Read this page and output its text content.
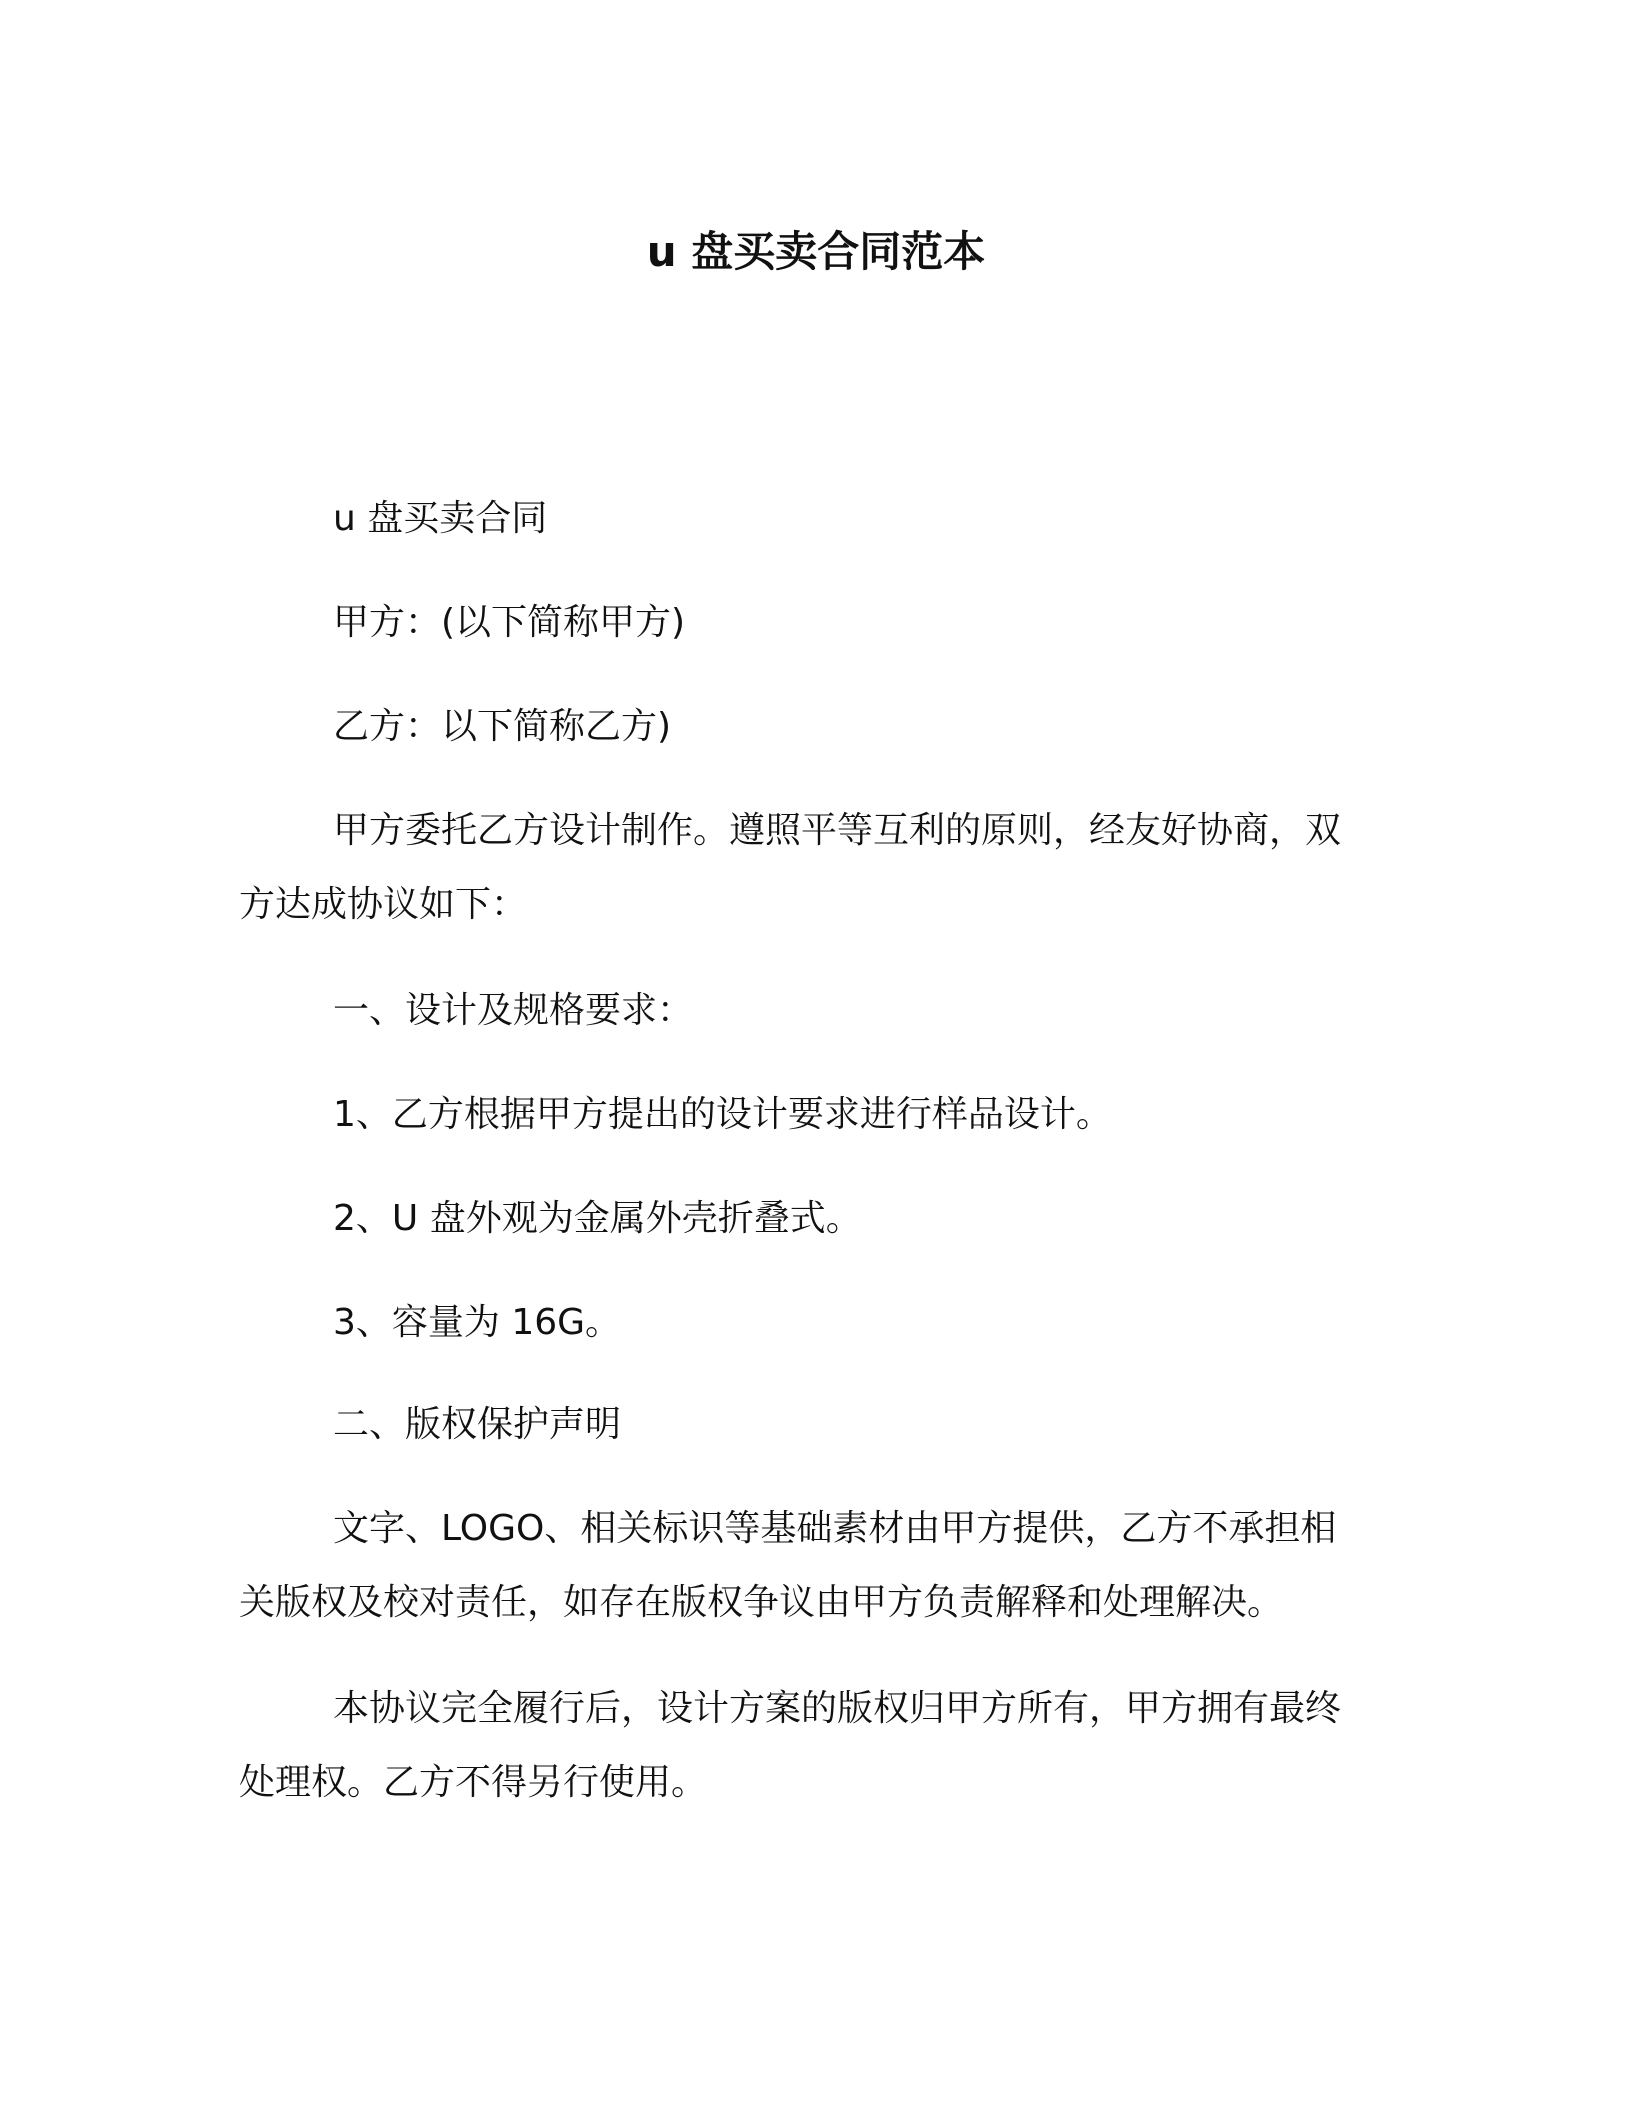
u 盘买卖合同范本
u 盘买卖合同
甲方：(以下简称甲方)
乙方：以下简称乙方)
甲方委托乙方设计制作。遵照平等互利的原则，经友好协商，双
方达成协议如下：
一、设计及规格要求：
1、乙方根据甲方提出的设计要求进行样品设计。
2、U 盘外观为金属外壳折叠式。
3、容量为 16G。
二、版权保护声明
文字、LOGO、相关标识等基础素材由甲方提供，乙方不承担相
关版权及校对责任，如存在版权争议由甲方负责解释和处理解决。
本协议完全履行后，设计方案的版权归甲方所有，甲方拥有最终
处理权。乙方不得另行使用。
